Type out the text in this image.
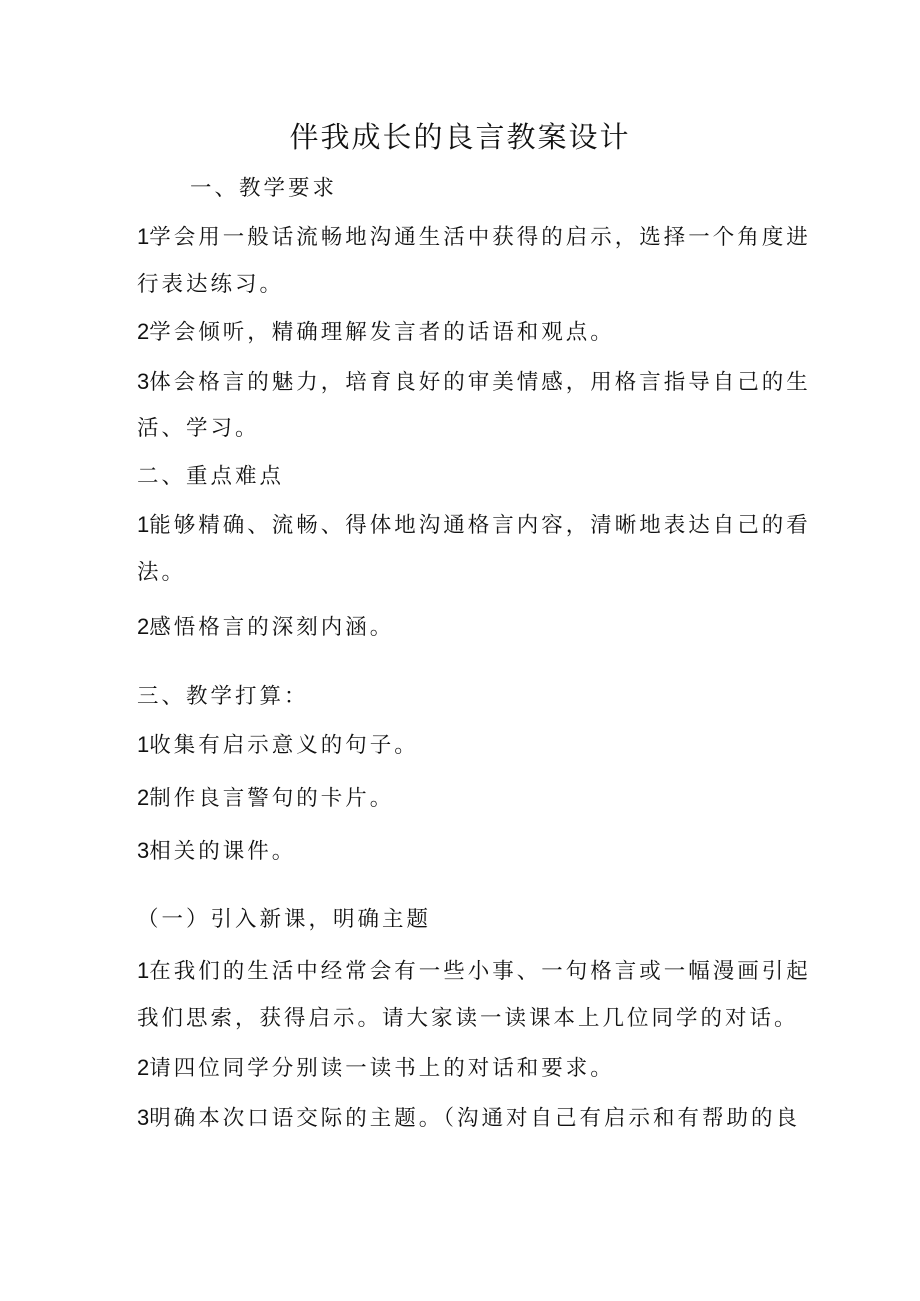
伴我成长的良言教案设计
一、教学要求
1学会用一般话流畅地沟通生活中获得的启示，选择一个角度进
行表达练习。
2学会倾听，精确理解发言者的话语和观点。
3体会格言的魅力，培育良好的审美情感，用格言指导自己的生
活、学习。
二、重点难点
1能够精确、流畅、得体地沟通格言内容，清晰地表达自己的看
法。
2感悟格言的深刻内涵。
三、教学打算：
1收集有启示意义的句子。
2制作良言警句的卡片。
3相关的课件。
（一）引入新课，明确主题
1在我们的生活中经常会有一些小事、一句格言或一幅漫画引起
我们思索，获得启示。请大家读一读课本上几位同学的对话。
2请四位同学分别读一读书上的对话和要求。
3明确本次口语交际的主题。（沟通对自己有启示和有帮助的良
